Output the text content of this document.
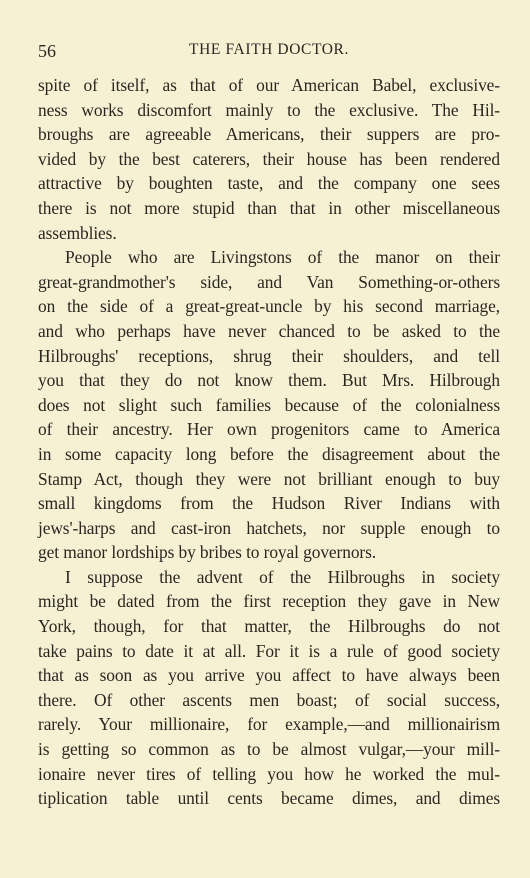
56	THE FAITH DOCTOR.

spite of itself, as that of our American Babel, exclusive-
ness works discomfort mainly to the exclusive. The Hil-
broughs are agreeable Americans, their suppers are pro-
vided by the best caterers, their house has been rendered
attractive by boughten taste, and the company one sees
there is not more stupid than that in other miscellaneous
assemblies.

People who are Livingstons of the manor on their
great-grandmother's side, and Van Something-or-others
on the side of a great-great-uncle by his second marriage,
and who perhaps have never chanced to be asked to the
Hilbroughs' receptions, shrug their shoulders, and tell
you that they do not know them. But Mrs. Hilbrough
does not slight such families because of the colonialness
of their ancestry. Her own progenitors came to America
in some capacity long before the disagreement about the
Stamp Act, though they were not brilliant enough to buy
small kingdoms from the Hudson River Indians with
jews'-harps and cast-iron hatchets, nor supple enough to
get manor lordships by bribes to royal governors.

I suppose the advent of the Hilbroughs in society
might be dated from the first reception they gave in New
York, though, for that matter, the Hilbroughs do not
take pains to date it at all. For it is a rule of good society
that as soon as you arrive you affect to have always been
there. Of other ascents men boast; of social success,
rarely. Your millionaire, for example,—and millionairism
is getting so common as to be almost vulgar,—your mill-
ionaire never tires of telling you how he worked the mul-
tiplication table until cents became dimes, and dimes
